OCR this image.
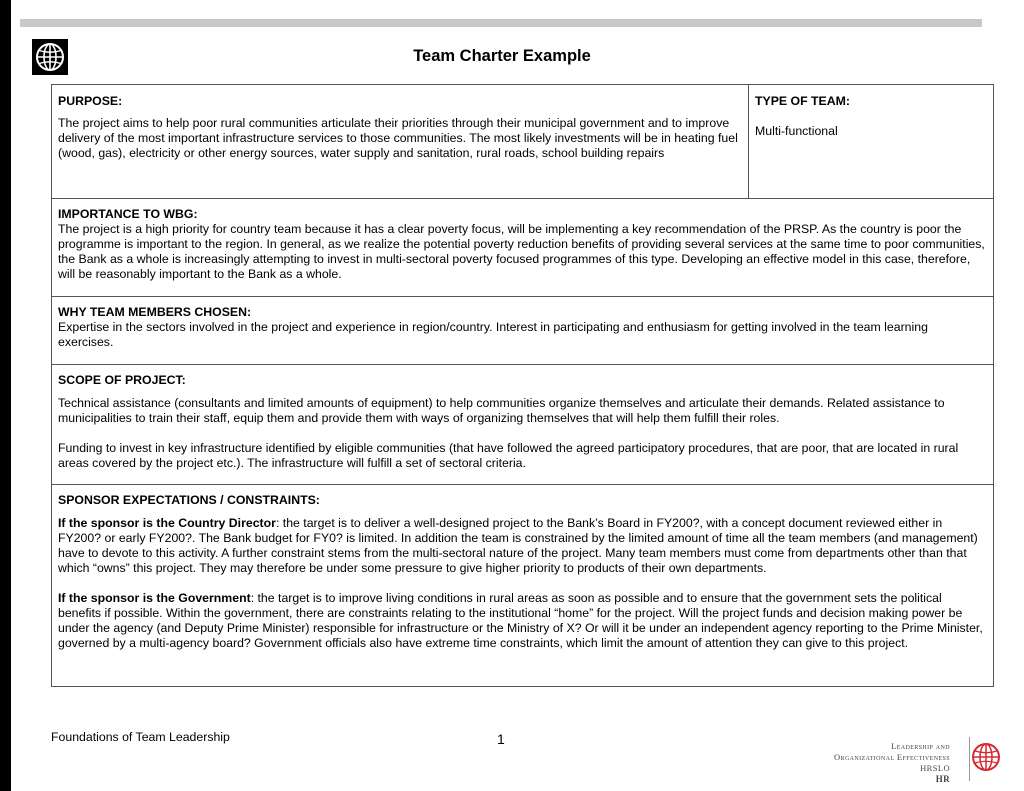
Team Charter Example

PURPOSE:

The project aims to help poor rural communities articulate their priorities through their municipal government and to improve delivery of the most important infrastructure services to those communities. The most likely investments will be in heating fuel (wood, gas), electricity or other energy sources, water supply and sanitation, rural roads, school building repairs

TYPE OF TEAM:

Multi-functional

IMPORTANCE TO WBG:

The project is a high priority for country team because it has a clear poverty focus, will be implementing a key recommendation of the PRSP. As the country is poor the programme is important to the region. In general, as we realize the potential poverty reduction benefits of providing several services at the same time to poor communities, the Bank as a whole is increasingly attempting to invest in multi-sectoral poverty focused programmes of this type. Developing an effective model in this case, therefore, will be reasonably important to the Bank as a whole.

WHY TEAM MEMBERS CHOSEN:

Expertise in the sectors involved in the project and experience in region/country. Interest in participating and enthusiasm for getting involved in the team learning exercises.

SCOPE OF PROJECT:

Technical assistance (consultants and limited amounts of equipment) to help communities organize themselves and articulate their demands. Related assistance to municipalities to train their staff, equip them and provide them with ways of organizing themselves that will help them fulfill their roles.

Funding to invest in key infrastructure identified by eligible communities (that have followed the agreed participatory procedures, that are poor, that are located in rural areas covered by the project etc.). The infrastructure will fulfill a set of sectoral criteria.

SPONSOR EXPECTATIONS / CONSTRAINTS:

If the sponsor is the Country Director: the target is to deliver a well-designed project to the Bank’s Board in FY200?, with a concept document reviewed either in FY200? or early FY200?. The Bank budget for FY0? is limited. In addition the team is constrained by the limited amount of time all the team members (and management) have to devote to this activity. A further constraint stems from the multi-sectoral nature of the project. Many team members must come from departments other than that which “owns” this project. They may therefore be under some pressure to give higher priority to products of their own departments.

If the sponsor is the Government: the target is to improve living conditions in rural areas as soon as possible and to ensure that the government sets the political benefits if possible. Within the government, there are constraints relating to the institutional “home” for the project. Will the project funds and decision making power be under the agency (and Deputy Prime Minister) responsible for infrastructure or the Ministry of X? Or will it be under an independent agency reporting to the Prime Minister, governed by a multi-agency board? Government officials also have extreme time constraints, which limit the amount of attention they can give to this project.

Foundations of Team Leadership	1	Leadership and
Organizational Effectiveness
HRSLO
HR
